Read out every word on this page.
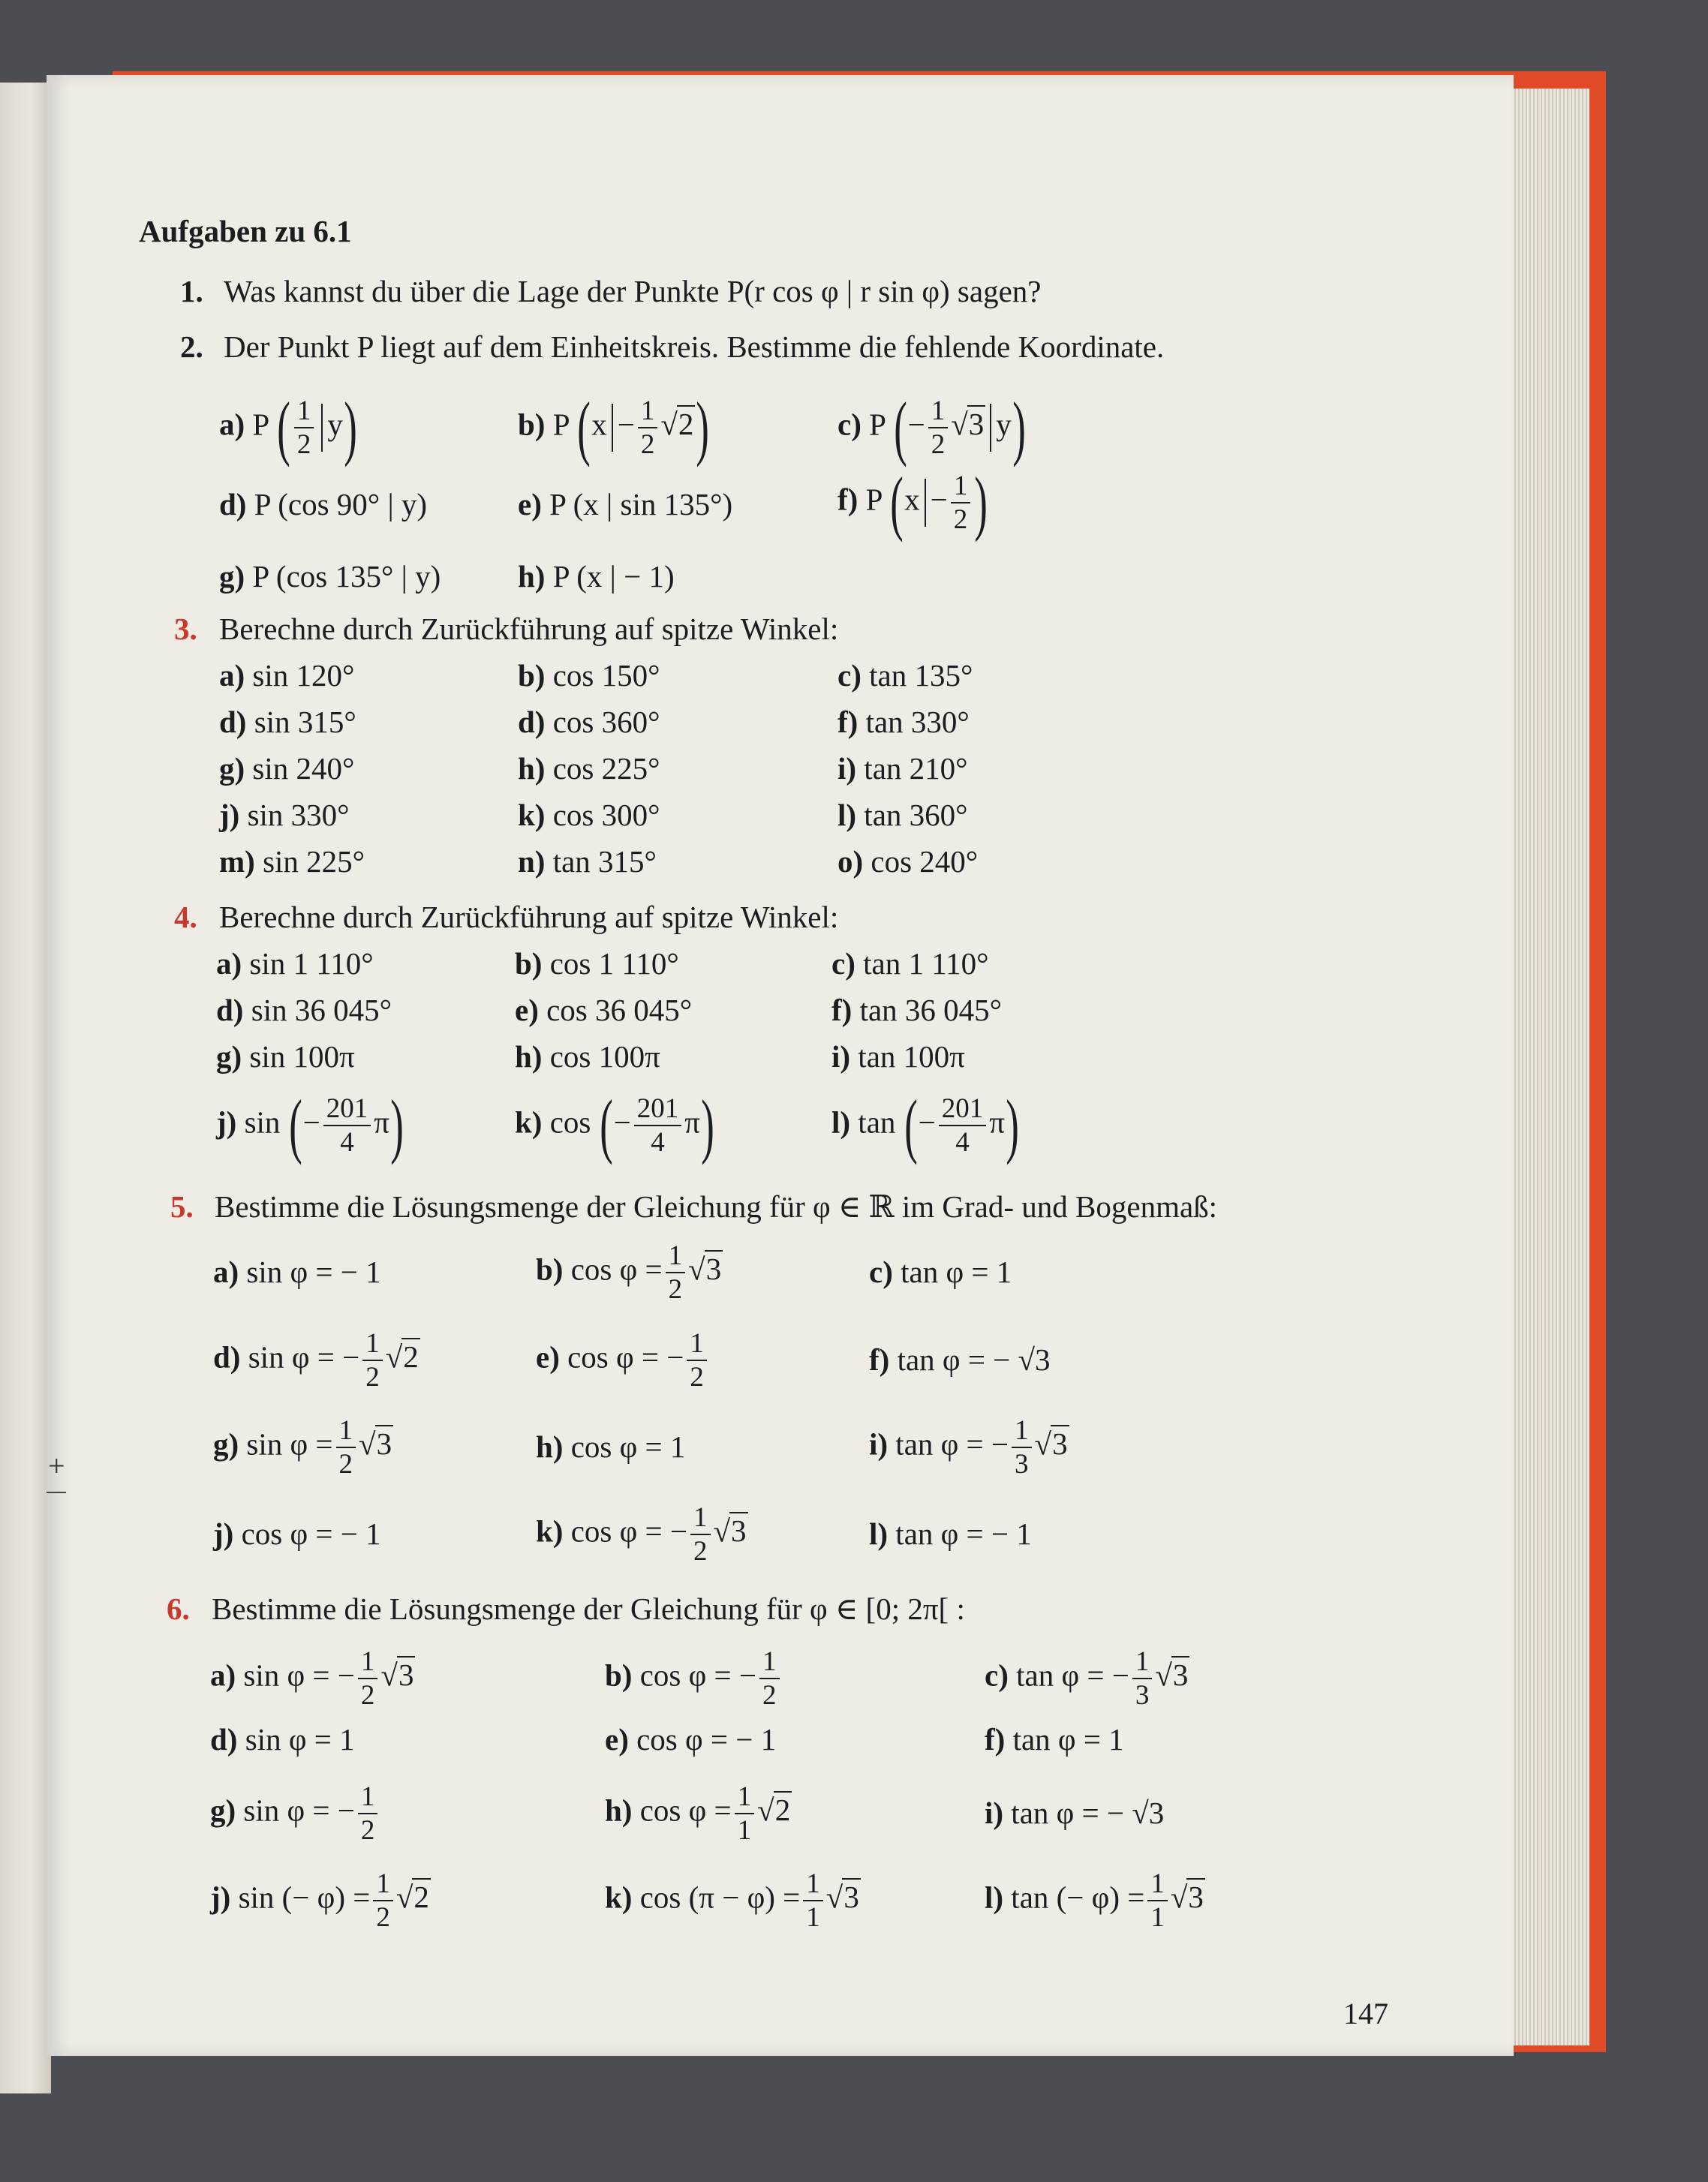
+
Aufgaben zu 6.1
1. Was kannst du über die Lage der Punkte P(r cos φ | r sin φ) sagen?
2. Der Punkt P liegt auf dem Einheitskreis. Bestimme die fehlende Koordinate.
a) P ( $\frac{1}{2} y$)	b) P $(x - \frac{1}{2} √2)$	c) P (− $\frac{1}{2} √3$ y)
d) P (cos 90° | y)	e) P (x | sin 135°)	f) P ($x - \frac{1}{2}$ )
g) P (cos 135° | y)	h) P (x | − 1)
3. Berechne durch Zurückführung auf spitze Winkel:
a) sin 120°	b) cos 150°	c) tan 135°
d) sin 315°	d) cos 360°	f) tan 330°
g) sin 240°	h) cos 225°	i) tan 210°
j) sin 330°	k) cos 300°	l) tan 360°
m) sin 225°	n) tan 315°	o) cos 240°
4. Berechne durch Zurückführung auf spitze Winkel:
a) sin 1 110°	b) cos 1 110°	c) tan 1 110°
d) sin 36 045°	e) cos 36 045°	f) tan 36 045°
g) sin 100π	h) cos 100π	i) tan 100π
j) sin (− $\frac{201}{4} \pi$)	k) cos (− $\frac{201}{4} \pi$)	l) tan (− $\frac{201}{4} \pi$)
5. Bestimme die Lösungsmenge der Gleichung für φ ∈ ℝ im Grad- und Bogenmaß:
a) sin φ = − 1	b) $\cos \varphi = \frac{1}{2} √3$	c) tan φ = 1
d) sin φ = − $\frac{1}{2} √2$	e) cos φ = − $\frac{1}{2}$	f) tan φ = − √3
g) $\sin \varphi = \frac{1}{2} √3$	h) cos φ = 1	i) tan φ = − $\frac{1}{3} √3$
j) cos φ = − 1	k) cos φ = − $\frac{1}{2} √3$	l) tan φ = − 1
6. Bestimme die Lösungsmenge der Gleichung für φ ∈ [0; 2π[ :
a) sin φ = − $\frac{1}{2} √3$	b) cos φ = − $\frac{1}{2}$	c) tan φ = − $\frac{1}{3} √3$
d) sin φ = 1	e) cos φ = − 1	f) tan φ = 1
g) sin φ = − $\frac{1}{2}$	h) $\cos \varphi = \frac{1}{1} √2$	i) tan φ = − √3
j) sin (− $\varphi) = \frac{1}{2} √2$	k) $\cos (\pi - \varphi) = \frac{1}{1} √3$	l) tan (− $\varphi) = \frac{1}{1} √3$
147
